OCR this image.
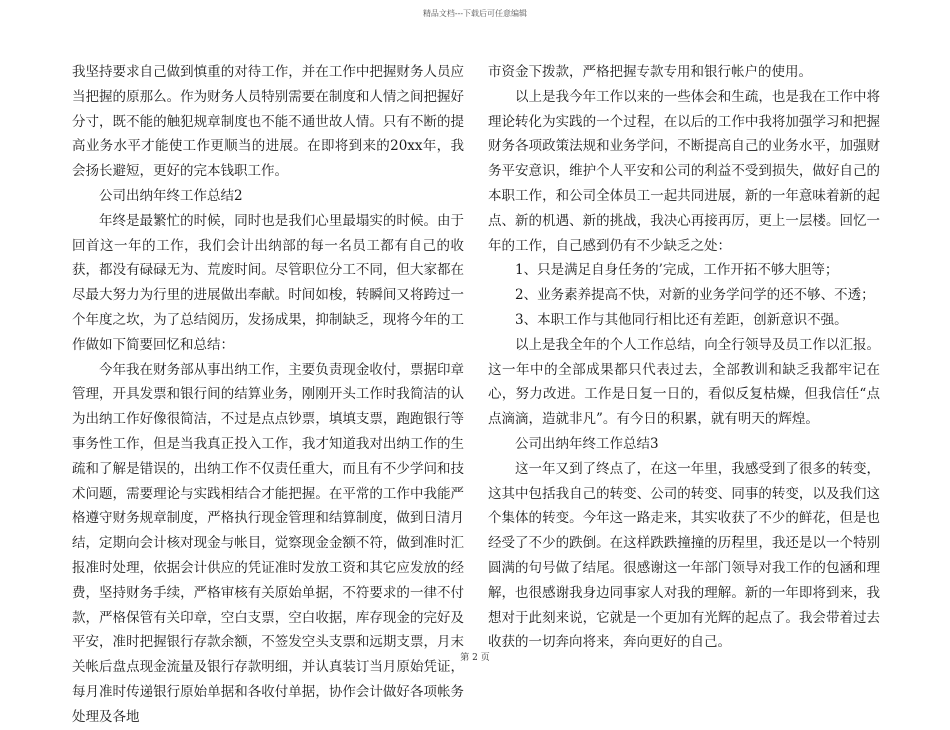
精品文档---下载后可任意编辑

我坚持要求自己做到慎重的对待工作，并在工作中把握财务人员应当把握的原那么。作为财务人员特别需要在制度和人情之间把握好分寸，既不能的触犯规章制度也不能不通世故人情。只有不断的提高业务水平才能使工作更顺当的进展。在即将到来的20xx年，我会扬长避短，更好的完本钱职工作。

公司出纳年终工作总结2

年终是最繁忙的时候，同时也是我们心里最塌实的时候。由于回首这一年的工作，我们会计出纳部的每一名员工都有自己的收获，都没有碌碌无为、荒废时间。尽管职位分工不同，但大家都在尽最大努力为行里的进展做出奉献。时间如梭，转瞬间又将跨过一个年度之坎，为了总结阅历，发扬成果，抑制缺乏，现将今年的工作做如下简要回忆和总结：

今年我在财务部从事出纳工作，主要负责现金收付，票据印章管理，开具发票和银行间的结算业务，刚刚开头工作时我简洁的认为出纳工作好像很简洁，不过是点点钞票，填填支票，跑跑银行等事务性工作，但是当我真正投入工作，我才知道我对出纳工作的生疏和了解是错误的，出纳工作不仅责任重大，而且有不少学问和技术问题，需要理论与实践相结合才能把握。在平常的工作中我能严格遵守财务规章制度，严格执行现金管理和结算制度，做到日清月结，定期向会计核对现金与帐目，觉察现金金额不符，做到准时汇报准时处理，依据会计供应的凭证准时发放工资和其它应发放的经费，坚持财务手续，严格审核有关原始单据，不符要求的一律不付款，严格保管有关印章，空白支票，空白收据，库存现金的完好及平安，准时把握银行存款余额，不签发空头支票和远期支票，月末关帐后盘点现金流量及银行存款明细，并认真装订当月原始凭证，每月准时传递银行原始单据和各收付单据，协作会计做好各项帐务处理及各地

市资金下拨款，严格把握专款专用和银行帐户的使用。

以上是我今年工作以来的一些体会和生疏，也是我在工作中将理论转化为实践的一个过程，在以后的工作中我将加强学习和把握财务各项政策法规和业务学问，不断提高自己的业务水平，加强财务平安意识，维护个人平安和公司的利益不受到损失，做好自己的本职工作，和公司全体员工一起共同进展，新的一年意味着新的起点、新的机遇、新的挑战，我决心再接再厉，更上一层楼。回忆一年的工作，自己感到仍有不少缺乏之处：

1、只是满足自身任务的’完成，工作开拓不够大胆等；

2、业务素养提高不快，对新的业务学问学的还不够、不透；

3、本职工作与其他同行相比还有差距，创新意识不强。

以上是我全年的个人工作总结，向全行领导及员工作以汇报。这一年中的全部成果都只代表过去，全部教训和缺乏我都牢记在心，努力改进。工作是日复一日的，看似反复枯燥，但我信任“点点滴滴，造就非凡”。有今日的积累，就有明天的辉煌。

公司出纳年终工作总结3

这一年又到了终点了，在这一年里，我感受到了很多的转变，这其中包括我自己的转变、公司的转变、同事的转变，以及我们这个集体的转变。今年这一路走来，其实收获了不少的鲜花，但是也经受了不少的跌倒。在这样跌跌撞撞的历程里，我还是以一个特别圆满的句号做了结尾。很感谢这一年部门领导对我工作的包涵和理解，也很感谢我身边同事家人对我的理解。新的一年即将到来，我想对于此刻来说，它就是一个更加有光辉的起点了。我会带着过去收获的一切奔向将来，奔向更好的自己。

第 2 页
